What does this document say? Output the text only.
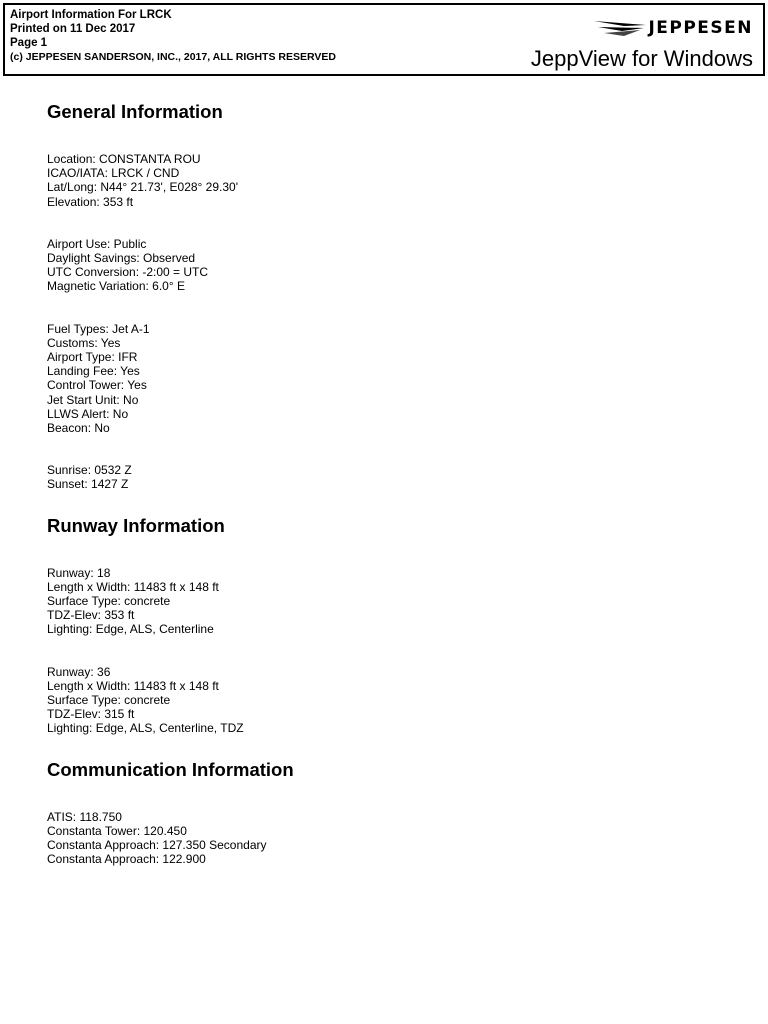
Airport Information For LRCK
Printed on 11 Dec 2017
Page 1
(c) JEPPESEN SANDERSON, INC., 2017, ALL RIGHTS RESERVED
JEPPESEN
JeppView for Windows
General Information
Location: CONSTANTA ROU
ICAO/IATA: LRCK / CND
Lat/Long: N44° 21.73', E028° 29.30'
Elevation: 353 ft
Airport Use: Public
Daylight Savings: Observed
UTC Conversion: -2:00 = UTC
Magnetic Variation: 6.0° E
Fuel Types: Jet A-1
Customs: Yes
Airport Type: IFR
Landing Fee: Yes
Control Tower: Yes
Jet Start Unit: No
LLWS Alert: No
Beacon: No
Sunrise: 0532 Z
Sunset: 1427 Z
Runway Information
Runway: 18
Length x Width: 11483 ft x 148 ft
Surface Type: concrete
TDZ-Elev: 353 ft
Lighting: Edge, ALS, Centerline
Runway: 36
Length x Width: 11483 ft x 148 ft
Surface Type: concrete
TDZ-Elev: 315 ft
Lighting: Edge, ALS, Centerline, TDZ
Communication Information
ATIS: 118.750
Constanta Tower: 120.450
Constanta Approach: 127.350 Secondary
Constanta Approach: 122.900
